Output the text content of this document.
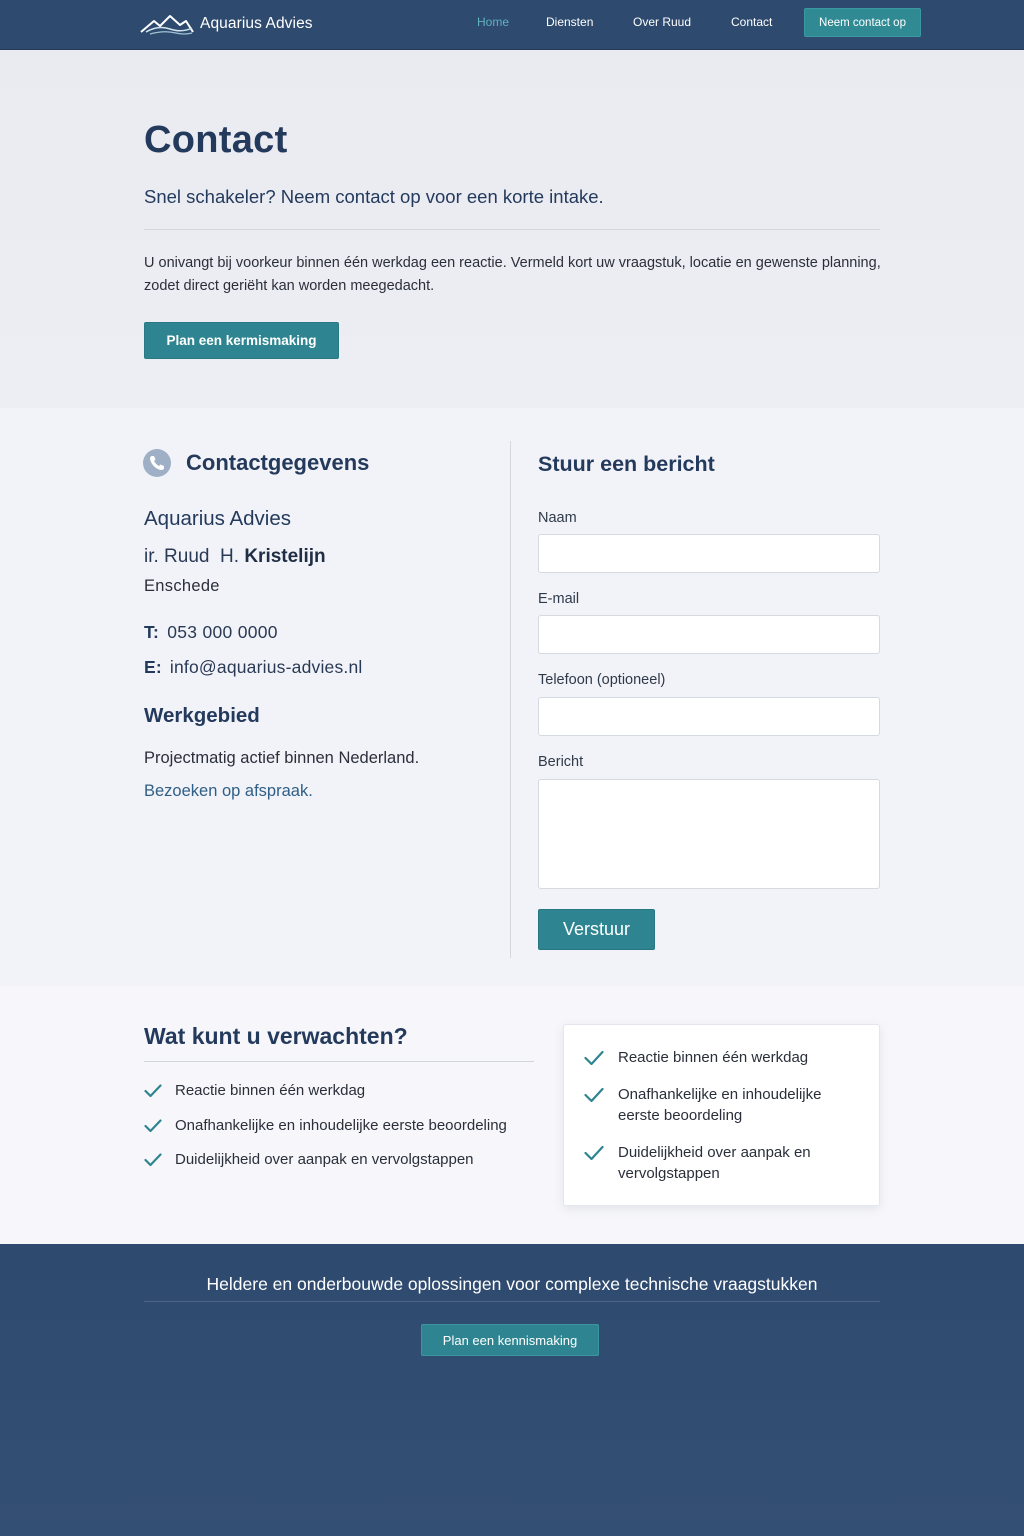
Aquarius Advies	Home	Diensten	Over Ruud	Contact	Neem contact op
Contact

Snel schakeler? Neem contact op voor een korte intake.

U onivangt bij voorkeur binnen één werkdag een reactie. Vermeld kort uw vraagstuk, locatie en gewenste planning, zodet direct geriëht kan worden meegedacht.

Plan een kermismaking
Contactgegevens
Aquarius Advies
ir. Ruud  H. Kristelijn
Enschede
T: 053 000 0000
E: info@aquarius-advies.nl
Werkgebied

Projectmatig actief binnen Nederland.

Bezoeken op afspraak.

Stuur een bericht
Naam
E-mail
Telefoon (optioneel)
Bericht
Verstuur
Wat kunt u verwachten?
Reactie binnen één werkdag
Onafhankelijke en inhoudelijke eerste beoordeling
Duidelijkheid over aanpak en vervolgstappen
Reactie binnen één werkdag
Onafhankelijke en inhoudelijke eerste beoordeling
Duidelijkheid over aanpak en vervolgstappen

Heldere en onderbouwde oplossingen voor complexe technische vraagstukken

Plan een kennismaking
